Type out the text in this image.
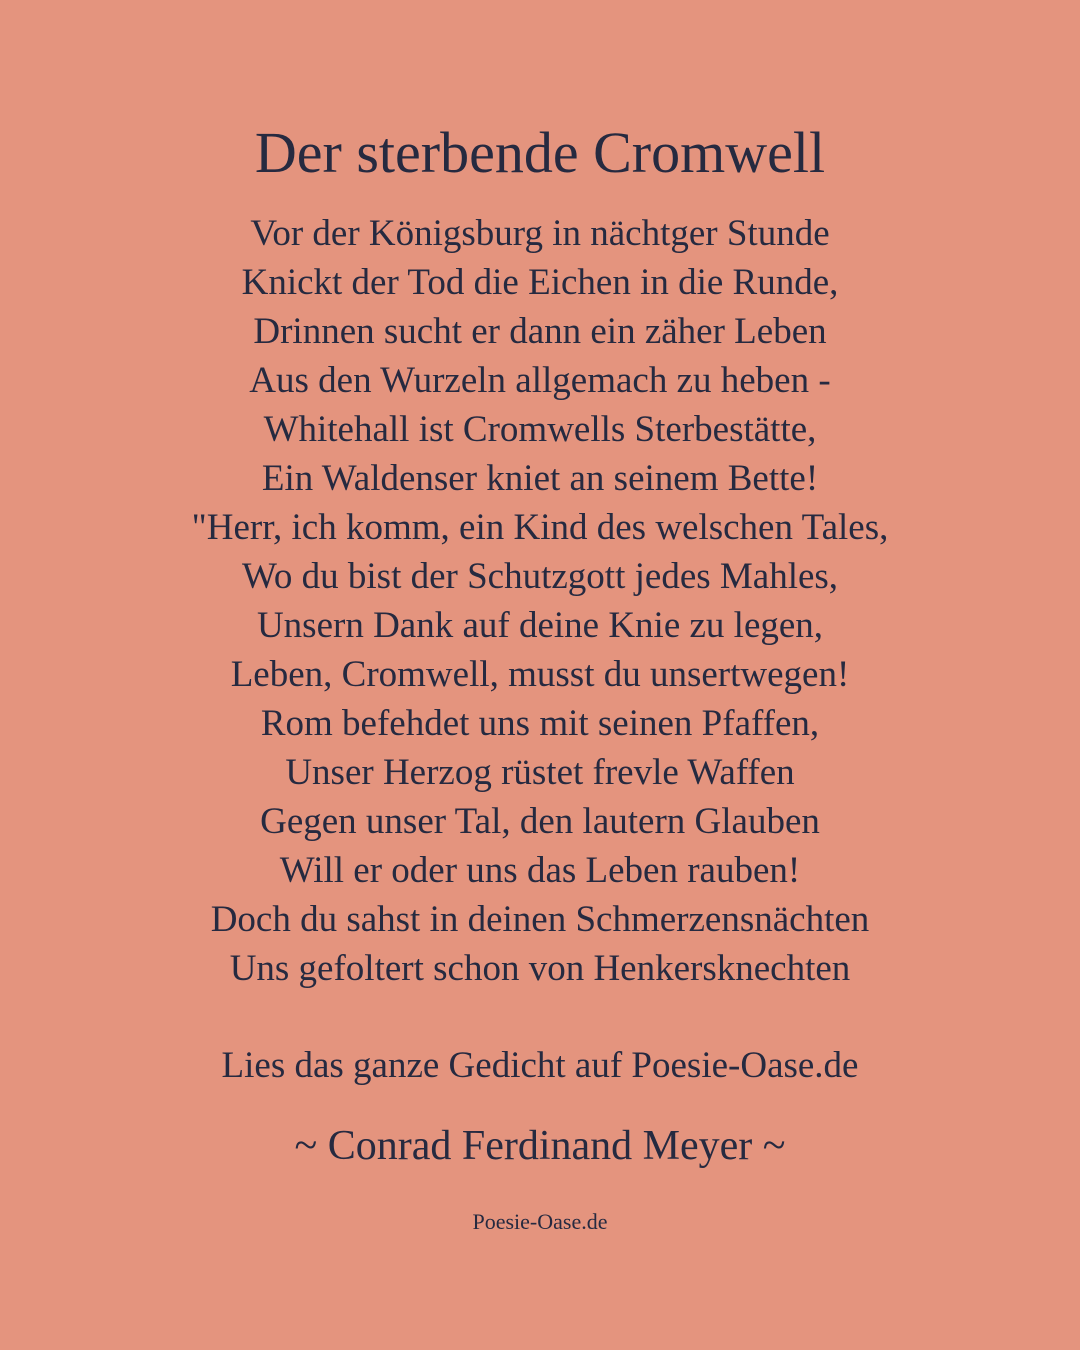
Der sterbende Cromwell
Vor der Königsburg in nächtger Stunde
Knickt der Tod die Eichen in die Runde,
Drinnen sucht er dann ein zäher Leben
Aus den Wurzeln allgemach zu heben -
Whitehall ist Cromwells Sterbestätte,
Ein Waldenser kniet an seinem Bette!
"Herr, ich komm, ein Kind des welschen Tales,
Wo du bist der Schutzgott jedes Mahles,
Unsern Dank auf deine Knie zu legen,
Leben, Cromwell, musst du unsertwegen!
Rom befehdet uns mit seinen Pfaffen,
Unser Herzog rüstet frevle Waffen
Gegen unser Tal, den lautern Glauben
Will er oder uns das Leben rauben!
Doch du sahst in deinen Schmerzensnächten
Uns gefoltert schon von Henkersknechten
Lies das ganze Gedicht auf Poesie-Oase.de
~ Conrad Ferdinand Meyer ~
Poesie-Oase.de
